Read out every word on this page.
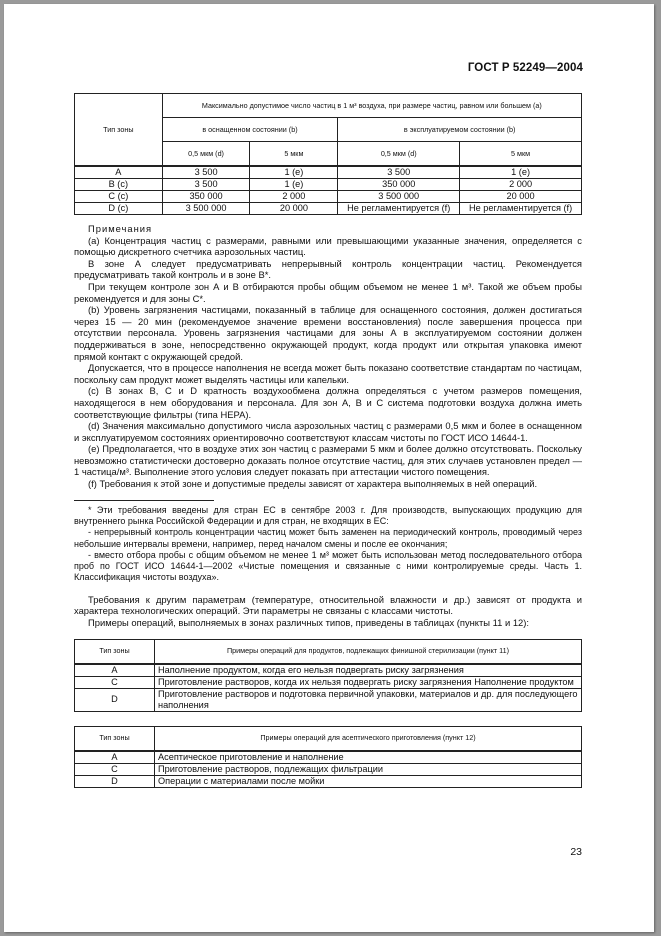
ГОСТ Р 52249—2004
Тип зоны	Максимально допустимое число частиц в 1 м³ воздуха, при размере частиц, равном или большем (a)			
	в оснащенном состоянии (b)		в эксплуатируемом состоянии (b)	
	0,5 мкм (d)	5 мкм	0,5 мкм (d)	5 мкм
A	3 500	1 (e)	3 500	1 (e)
B (c)	3 500	1 (e)	350 000	2 000
C (c)	350 000	2 000	3 500 000	20 000
D (c)	3 500 000	20 000	Не регламентируется (f)	Не регламентируется (f)

Примечания

(a) Концентрация частиц с размерами, равными или превышающими указанные значения, определяется с помощью дискретного счетчика аэрозольных частиц.

В зоне А следует предусматривать непрерывный контроль концентрации частиц. Рекомендуется предусматривать такой контроль и в зоне В*.

При текущем контроле зон А и В отбираются пробы общим объемом не менее 1 м³. Такой же объем пробы рекомендуется и для зоны С*.

(b) Уровень загрязнения частицами, показанный в таблице для оснащенного состояния, должен достигаться через 15 — 20 мин (рекомендуемое значение времени восстановления) после завершения процесса при отсутствии персонала. Уровень загрязнения частицами для зоны А в эксплуатируемом состоянии должен поддерживаться в зоне, непосредственно окружающей продукт, когда продукт или открытая упаковка имеют прямой контакт с окружающей средой.

Допускается, что в процессе наполнения не всегда может быть показано соответствие стандартам по частицам, поскольку сам продукт может выделять частицы или капельки.

(c) В зонах В, С и D кратность воздухообмена должна определяться с учетом размеров помещения, находящегося в нем оборудования и персонала. Для зон А, В и С система подготовки воздуха должна иметь соответствующие фильтры (типа НЕРА).

(d) Значения максимально допустимого числа аэрозольных частиц с размерами 0,5 мкм и более в оснащенном и эксплуатируемом состояниях ориентировочно соответствуют классам чистоты по ГОСТ ИСО 14644-1.

(e) Предполагается, что в воздухе этих зон частиц с размерами 5 мкм и более должно отсутствовать. Поскольку невозможно статистически достоверно доказать полное отсутствие частиц, для этих случаев установлен предел — 1 частица/м³. Выполнение этого условия следует показать при аттестации чистого помещения.

(f) Требования к этой зоне и допустимые пределы зависят от характера выполняемых в ней операций.

* Эти требования введены для стран ЕС в сентябре 2003 г. Для производств, выпускающих продукцию для внутреннего рынка Российской Федерации и для стран, не входящих в ЕС:

- непрерывный контроль концентрации частиц может быть заменен на периодический контроль, проводимый через небольшие интервалы времени, например, перед началом смены и после ее окончания;

- вместо отбора пробы с общим объемом не менее 1 м³ может быть использован метод последовательного отбора проб по ГОСТ ИСО 14644-1—2002 «Чистые помещения и связанные с ними контролируемые среды. Часть 1. Классификация чистоты воздуха».

Требования к другим параметрам (температуре, относительной влажности и др.) зависят от продукта и характера технологических операций. Эти параметры не связаны с классами чистоты.

Примеры операций, выполняемых в зонах различных типов, приведены в таблицах (пункты 11 и 12):

Тип зоны	Примеры операций для продуктов, подлежащих финишной стерилизации (пункт 11)
A	Наполнение продуктом, когда его нельзя подвергать риску загрязнения
C	Приготовление растворов, когда их нельзя подвергать риску загрязнения Наполнение продуктом
D	Приготовление растворов и подготовка первичной упаковки, материалов и др. для последующего наполнения
Тип зоны	Примеры операций для асептического приготовления (пункт 12)
A	Асептическое приготовление и наполнение
C	Приготовление растворов, подлежащих фильтрации
D	Операции с материалами после мойки
23
